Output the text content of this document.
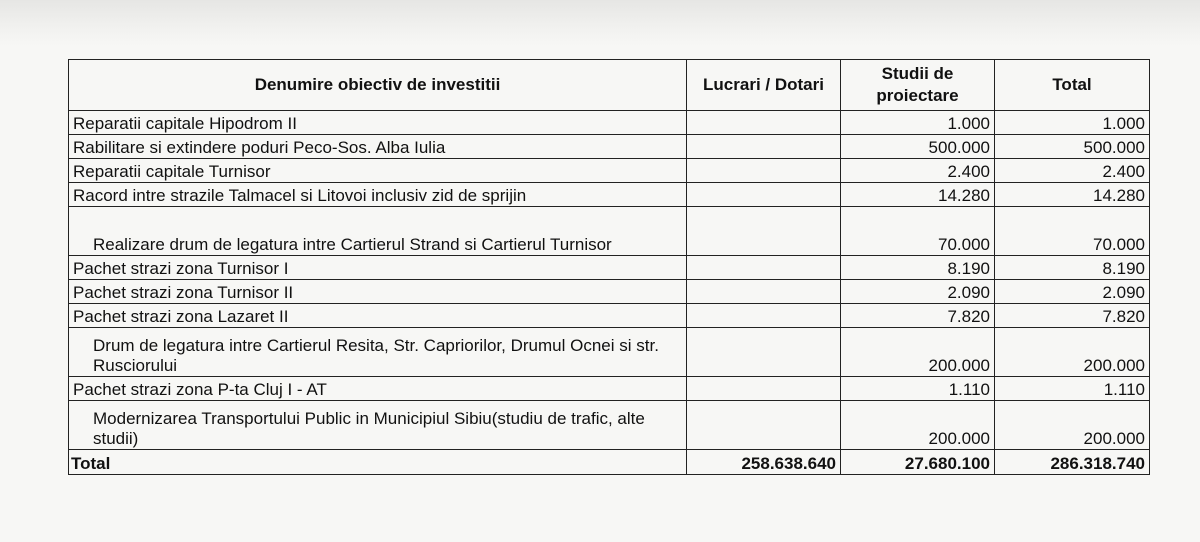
Denumire obiectiv de investitii	Lucrari / Dotari	Studii de proiectare	Total
Reparatii capitale Hipodrom II		1.000	1.000
Rabilitare si extindere poduri Peco-Sos. Alba Iulia		500.000	500.000
Reparatii capitale Turnisor		2.400	2.400
Racord intre strazile Talmacel si Litovoi inclusiv zid de sprijin		14.280	14.280
Realizare drum de legatura intre Cartierul Strand si Cartierul Turnisor		70.000	70.000
Pachet strazi zona Turnisor I		8.190	8.190
Pachet strazi zona Turnisor II		2.090	2.090
Pachet strazi zona Lazaret II		7.820	7.820
Drum de legatura intre Cartierul Resita, Str. Capriorilor, Drumul Ocnei si str. Rusciorului		200.000	200.000
Pachet strazi zona P-ta Cluj I - AT		1.110	1.110
Modernizarea Transportului Public in Municipiul Sibiu(studiu de trafic, alte studii)		200.000	200.000
Total	258.638.640	27.680.100	286.318.740
